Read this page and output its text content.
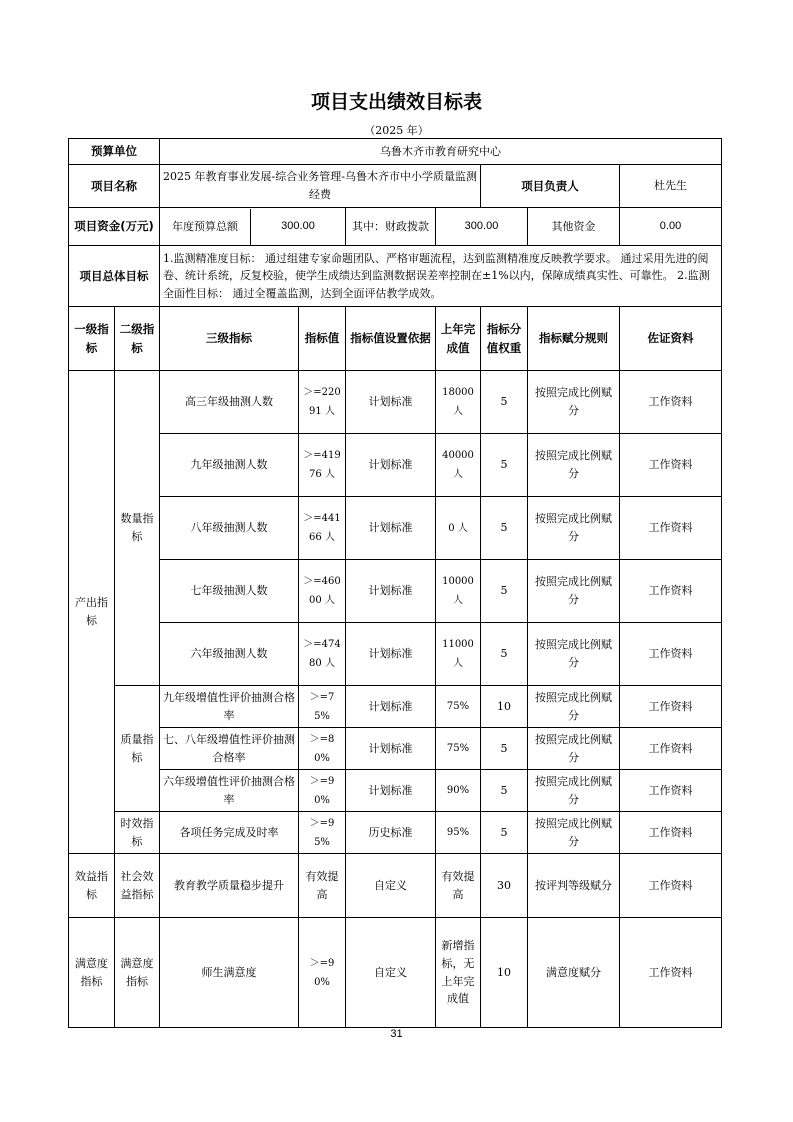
项目支出绩效目标表
（2025 年）
预算单位		乌鲁木齐市教育研究中心						
项目名称		2025 年教育事业发展-综合业务管理-乌鲁木齐市中小学质量监测经费				项目负责人		杜先生
项目资金(万元)		年度预算总额 300.00		其中：财政拨款	300.00		其他资金	0.00
项目总体目标		1.监测精准度目标： 通过组建专家命题团队、严格审题流程，达到监测精准度反映教学要求。 通过采用先进的阅卷、统计系统，反复校验，使学生成绩达到监测数据误差率控制在±1%以内，保障成绩真实性、可靠性。 2.监测全面性目标： 通过全覆盖监测，达到全面评估教学成效。						
一级指标	二级指标	三级指标	指标值	指标值设置依据	上年完成值	指标分值权重	指标赋分规则	佐证资料
产出指标	数量指标	高三年级抽测人数	＞=22091 人	计划标准	18000 人	5	按照完成比例赋分	工作资料
		九年级抽测人数	＞=41976 人	计划标准	40000 人	5	按照完成比例赋分	工作资料
		八年级抽测人数	＞=44166 人	计划标准	0 人	5	按照完成比例赋分	工作资料
		七年级抽测人数	＞=46000 人	计划标准	10000 人	5	按照完成比例赋分	工作资料
		六年级抽测人数	＞=47480 人	计划标准	11000 人	5	按照完成比例赋分	工作资料
	质量指标	九年级增值性评价抽测合格率	＞=75%	计划标准	75%	10	按照完成比例赋分	工作资料
		七、八年级增值性评价抽测合格率	＞=80%	计划标准	75%	5	按照完成比例赋分	工作资料
		六年级增值性评价抽测合格率	＞=90%	计划标准	90%	5	按照完成比例赋分	工作资料
	时效指标	各项任务完成及时率	＞=95%	历史标准	95%	5	按照完成比例赋分	工作资料
效益指标	社会效益指标	教育教学质量稳步提升	有效提高	自定义	有效提高	30	按评判等级赋分	工作资料
满意度指标	满意度指标	师生满意度	＞=90%	自定义	新增指标，无上年完成值	10	满意度赋分	工作资料
31
